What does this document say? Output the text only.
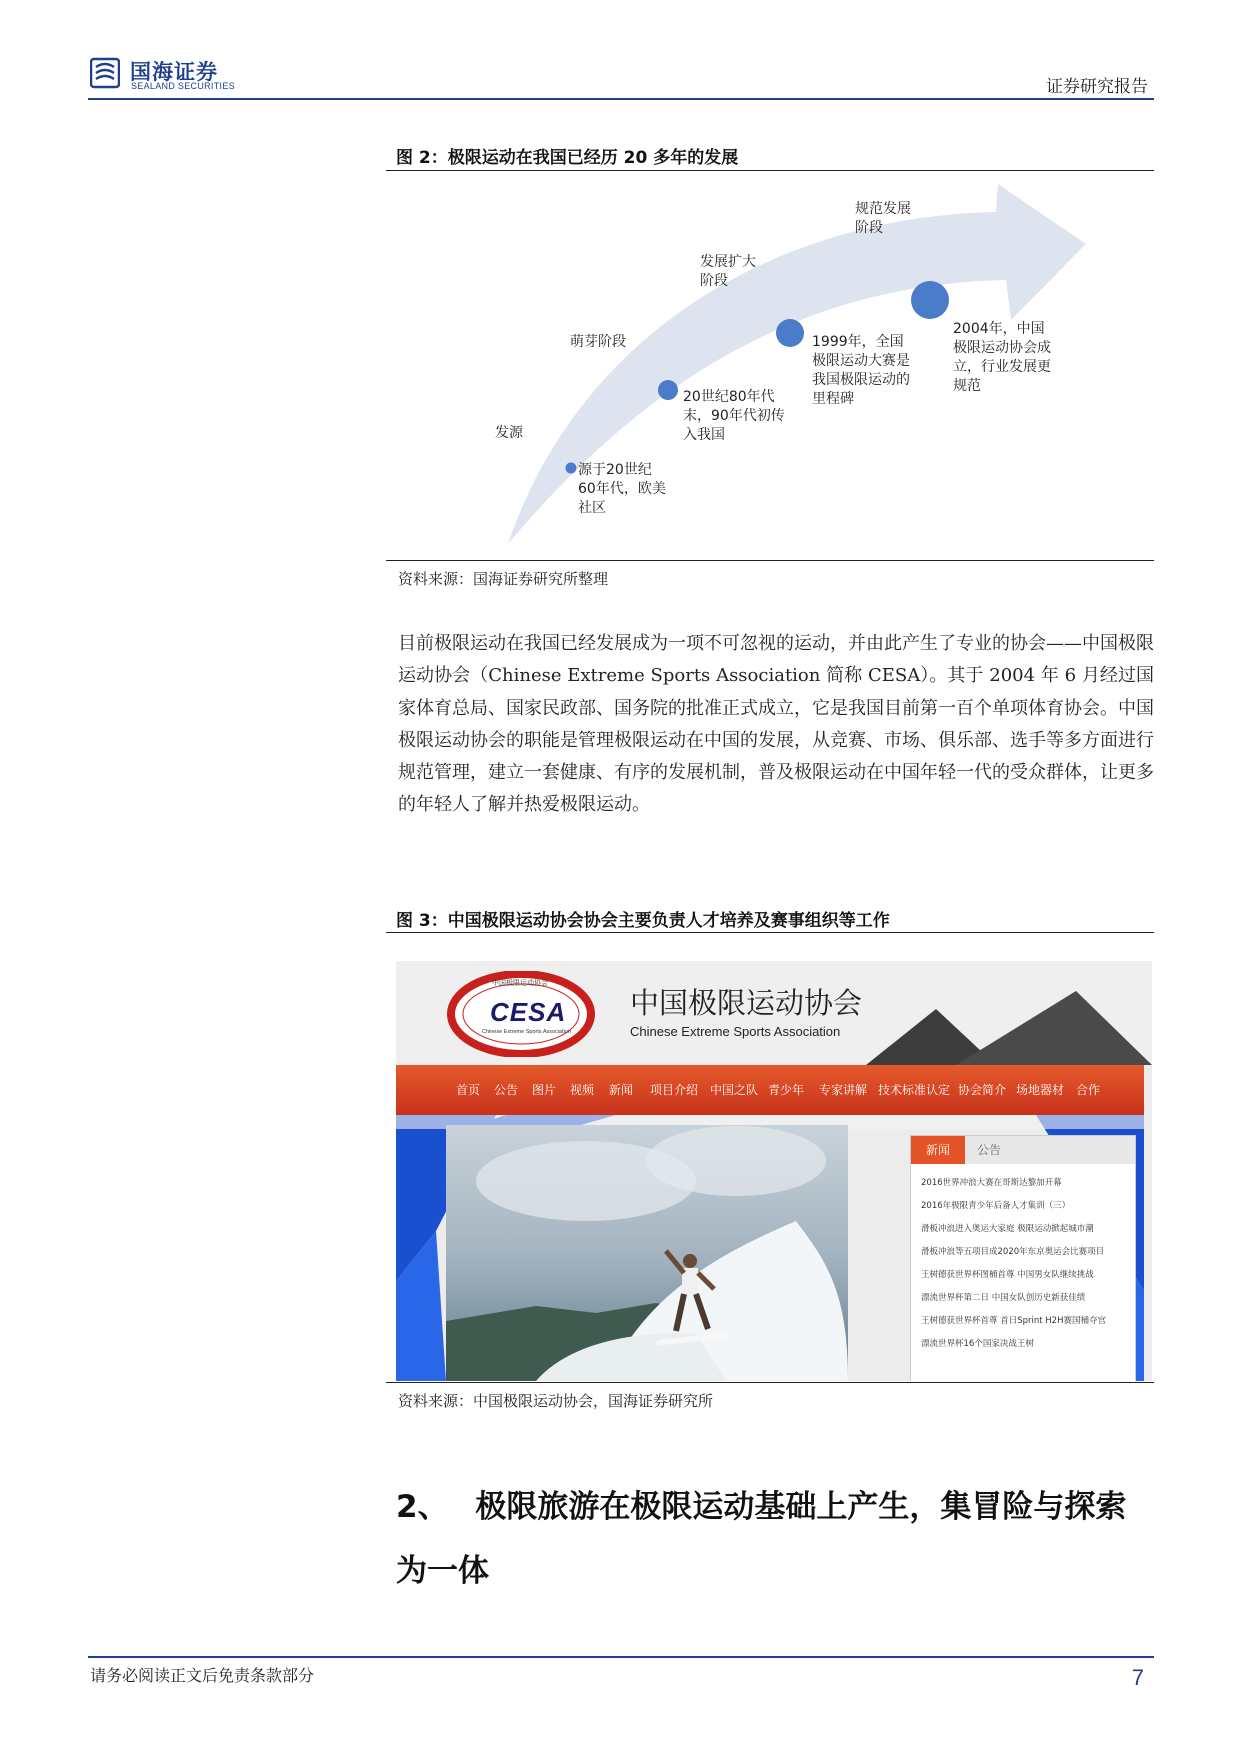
国海证券
SEALAND SECURITIES	证券研究报告
图 2：极限运动在我国已经历 20 多年的发展
发源
萌芽阶段
发展扩大阶段
规范发展阶段
源于20世纪60年代，欧美社区
20世纪80年代末，90年代初传入我国
1999年，全国极限运动大赛是我国极限运动的里程碑
2004年，中国极限运动协会成立，行业发展更规范
资料来源：国海证券研究所整理
目前极限运动在我国已经发展成为一项不可忽视的运动，并由此产生了专业的协会——中国极限运动协会（Chinese Extreme Sports Association 简称 CESA）。其于 2004 年 6 月经过国家体育总局、国家民政部、国务院的批准正式成立，它是我国目前第一百个单项体育协会。中国极限运动协会的职能是管理极限运动在中国的发展，从竞赛、市场、俱乐部、选手等多方面进行规范管理，建立一套健康、有序的发展机制，普及极限运动在中国年轻一代的受众群体，让更多的年轻人了解并热爱极限运动。
图 3：中国极限运动协会协会主要负责人才培养及赛事组织等工作
中国极限运动协会
CESA
Chinese Extreme Sports Association
中国极限运动协会
Chinese Extreme Sports Association
首页 公告 图片 视频 新闻 项目介绍 中国之队 青少年 专家讲解 技术标准认定 协会简介 场地器材 合作
新闻	公告
2016世界冲浪大赛在哥斯达黎加开幕
2016年极限青少年后备人才集训（三）
滑板冲浪进入奥运大家庭 极限运动掀起城市潮
滑板冲浪等五项目成2020年东京奥运会比赛项目
王树德获世界杯图桶首尊 中国男女队继续挑战
漂流世界杯第二日 中国女队创历史新获佳绩
王树德获世界杯首尊 首日Sprint H2H赛国桶夺官
漂流世界杯16个国家决战王树
资料来源：中国极限运动协会，国海证券研究所
2、 极限旅游在极限运动基础上产生，集冒险与探索为一体
请务必阅读正文后免责条款部分	7
